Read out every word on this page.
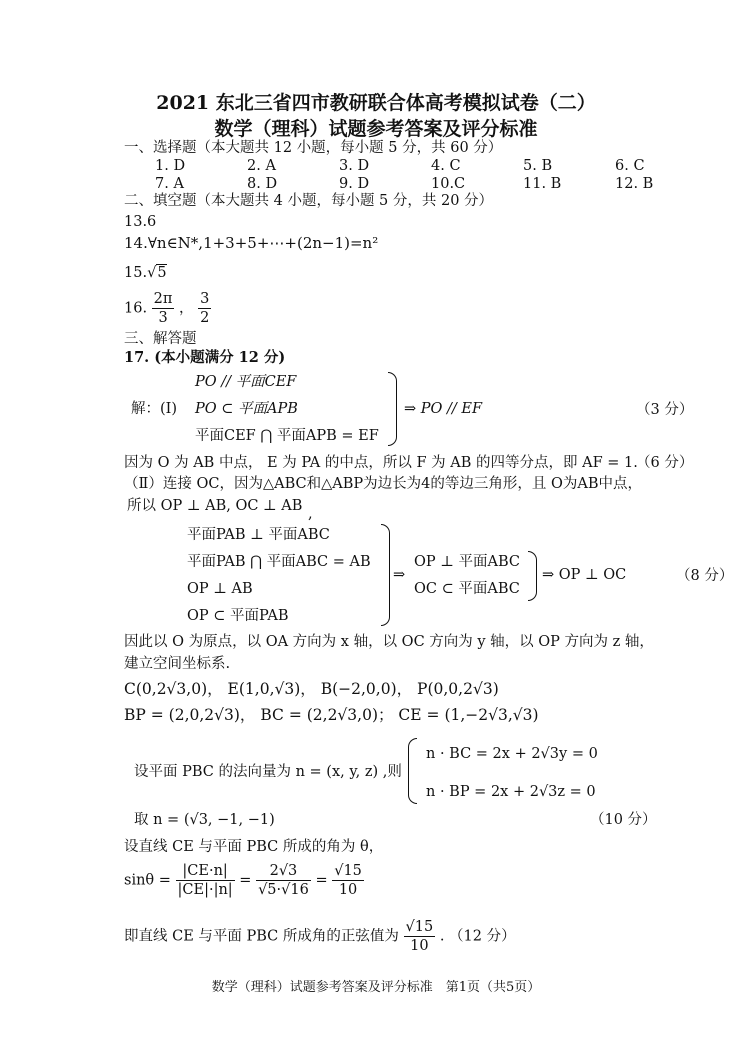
2021 东北三省四市教研联合体高考模拟试卷（二）
数学（理科）试题参考答案及评分标准
一、选择题（本大题共 12 小题，每小题 5 分，共 60 分）
1. D	2. A	3. D	4. C	5. B	6. C
7. A	8. D	9. D	10.C	11. B	12. B
二、填空题（本大题共 4 小题，每小题 5 分，共 20 分）
13.6
14.∀n∈N*,1+3+5+⋯+(2n−1)=n²
15.√5
16. $\frac{2\pi}{3}$ ， $\frac{3}{2}$
三、解答题
17. (本小题满分 12 分)
解：(Ⅰ)
PO // 平面CEF
PO ⊂ 平面APB
平面CEF ⋂ 平面APB = EF
⇒ PO // EF	（3 分）
因为 O 为 AB 中点， E 为 PA 的中点，所以 F 为 AB 的四等分点，即 AF = 1.
（6 分）
（Ⅱ）连接 OC，因为△ABC和△ABP为边长为4的等边三角形，且 O为AB中点，
所以 OP ⊥ AB, OC ⊥ AB ,
平面PAB ⊥ 平面ABC
平面PAB ⋂ 平面ABC = AB
OP ⊥ AB
OP ⊂ 平面PAB
⇒
OP ⊥ 平面ABC
OC ⊂ 平面ABC
⇒ OP ⊥ OC	（8 分）
因此以 O 为原点，以 OA 方向为 x 轴，以 OC 方向为 y 轴，以 OP 方向为 z 轴，
建立空间坐标系.
C(0,2√3,0)， E(1,0,√3)， B(−2,0,0)， P(0,0,2√3)
BP = (2,0,2√3)， BC = (2,2√3,0)； CE = (1,−2√3,√3)
设平面 PBC 的法向量为 n = (x, y, z) ,则
n · BC = 2x + 2√3y = 0
n · BP = 2x + 2√3z = 0
取 n = (√3, −1, −1)	（10 分）
设直线 CE 与平面 PBC 所成的角为 θ，
$\sin\theta = \frac{|CE\cdot n|}{|CE|\cdot|n|} = \frac{2√3}{√5\cdot√16} = \frac{√15}{10}$
即直线 CE 与平面 PBC 所成角的正弦值为 $\frac{√15}{10}$ . （12 分）
数学（理科）试题参考答案及评分标准　第1页（共5页）
